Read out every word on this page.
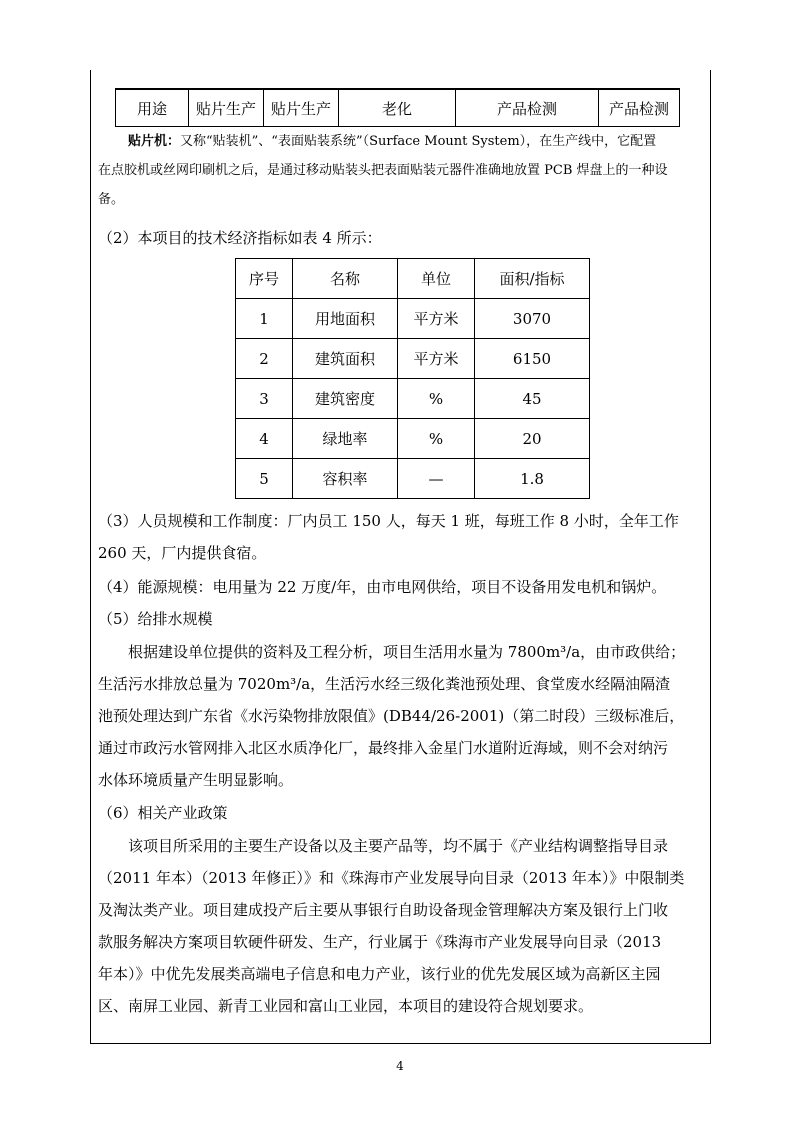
用途	贴片生产	贴片生产	老化	产品检测	产品检测
贴片机：又称“贴装机”、“表面贴装系统”（Surface Mount System），在生产线中，它配置
在点胶机或丝网印刷机之后，是通过移动贴装头把表面贴装元器件准确地放置 PCB 焊盘上的一种设
备。
（2）本项目的技术经济指标如表 4 所示：
序号	名称	单位	面积/指标
1	用地面积	平方米	3070
2	建筑面积	平方米	6150
3	建筑密度	%	45
4	绿地率	%	20
5	容积率	—	1.8
（3）人员规模和工作制度：厂内员工 150 人，每天 1 班，每班工作 8 小时，全年工作
260 天，厂内提供食宿。
（4）能源规模：电用量为 22 万度/年，由市电网供给，项目不设备用发电机和锅炉。
（5）给排水规模
根据建设单位提供的资料及工程分析，项目生活用水量为 7800m³/a，由市政供给；
生活污水排放总量为 7020m³/a，生活污水经三级化粪池预处理、食堂废水经隔油隔渣
池预处理达到广东省《水污染物排放限值》(DB44/26-2001)（第二时段）三级标准后，
通过市政污水管网排入北区水质净化厂，最终排入金星门水道附近海域，则不会对纳污
水体环境质量产生明显影响。
（6）相关产业政策
该项目所采用的主要生产设备以及主要产品等，均不属于《产业结构调整指导目录
（2011 年本）（2013 年修正）》和《珠海市产业发展导向目录（2013 年本）》中限制类
及淘汰类产业。项目建成投产后主要从事银行自助设备现金管理解决方案及银行上门收
款服务解决方案项目软硬件研发、生产，行业属于《珠海市产业发展导向目录（2013
年本）》中优先发展类高端电子信息和电力产业，该行业的优先发展区域为高新区主园
区、南屏工业园、新青工业园和富山工业园，本项目的建设符合规划要求。
4
